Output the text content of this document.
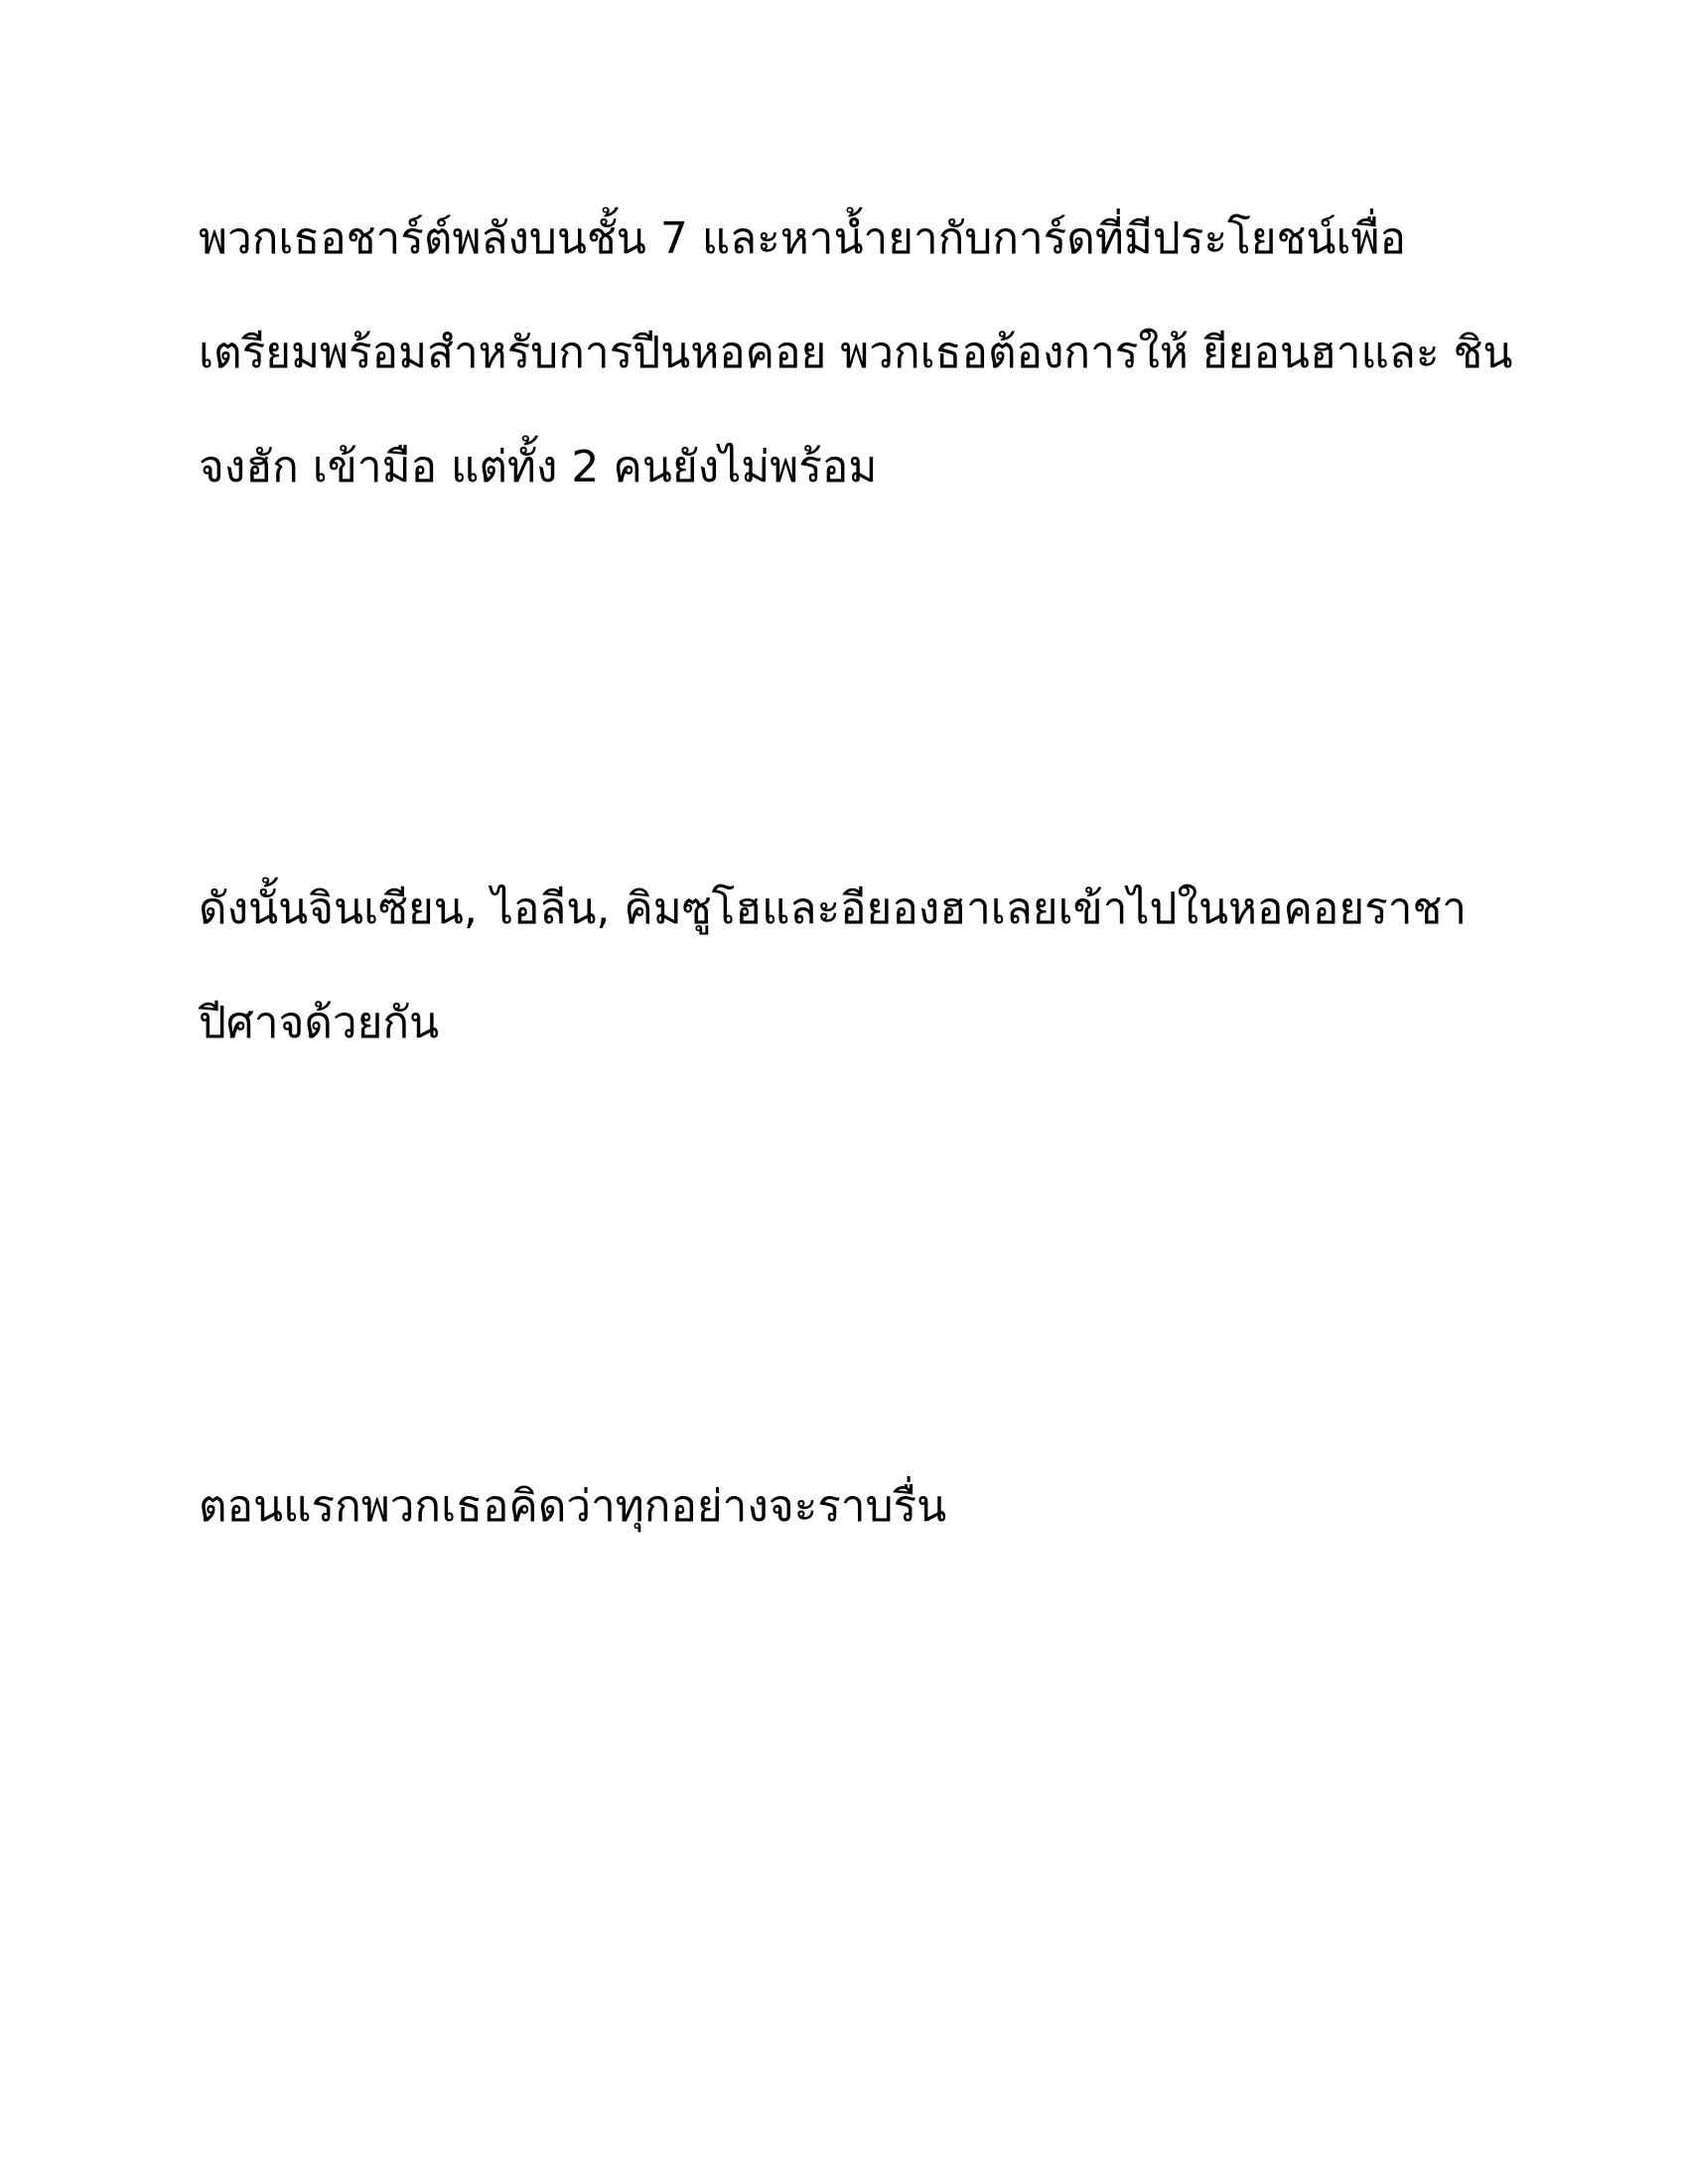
พวกเธอชาร์ต์พลังบนชั้น 7 และหาน้ำยากับการ์ดที่มีประโยชน์เพื่อ
เตรียมพร้อมสำหรับการปีนหอคอย พวกเธอต้องการให้ ยียอนฮาและ ชิน
จงฮัก เข้ามือ แต่ทั้ง 2 คนยังไม่พร้อม
ดังนั้นจินเซียน, ไอลีน, คิมซูโฮและอียองฮาเลยเข้าไปในหอคอยราชา
ปีศาจด้วยกัน
ตอนแรกพวกเธอคิดว่าทุกอย่างจะราบรื่น
